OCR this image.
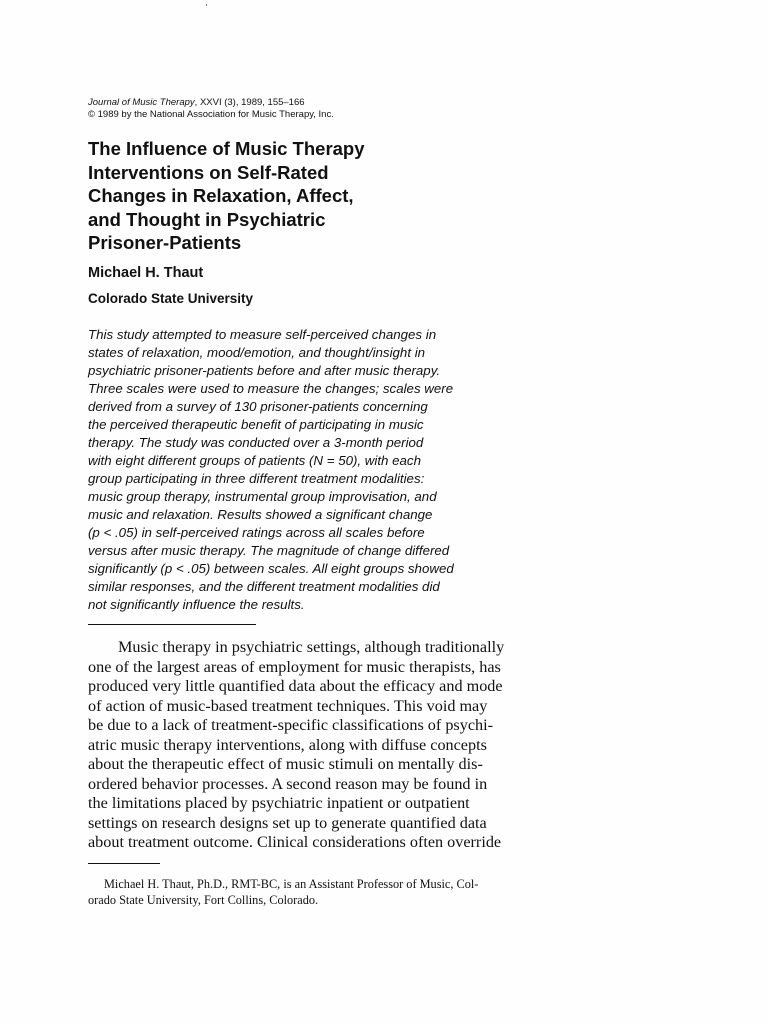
Journal of Music Therapy, XXVI (3), 1989, 155–166
© 1989 by the National Association for Music Therapy, Inc.
The Influence of Music Therapy
Interventions on Self-Rated
Changes in Relaxation, Affect,
and Thought in Psychiatric
Prisoner-Patients
Michael H. Thaut
Colorado State University
This study attempted to measure self-perceived changes in
states of relaxation, mood/emotion, and thought/insight in
psychiatric prisoner-patients before and after music therapy.
Three scales were used to measure the changes; scales were
derived from a survey of 130 prisoner-patients concerning
the perceived therapeutic benefit of participating in music
therapy. The study was conducted over a 3-month period
with eight different groups of patients (N = 50), with each
group participating in three different treatment modalities:
music group therapy, instrumental group improvisation, and
music and relaxation. Results showed a significant change
(p < .05) in self-perceived ratings across all scales before
versus after music therapy. The magnitude of change differed
significantly (p < .05) between scales. All eight groups showed
similar responses, and the different treatment modalities did
not significantly influence the results.
Music therapy in psychiatric settings, although traditionally
one of the largest areas of employment for music therapists, has
produced very little quantified data about the efficacy and mode
of action of music-based treatment techniques. This void may
be due to a lack of treatment-specific classifications of psychi-
atric music therapy interventions, along with diffuse concepts
about the therapeutic effect of music stimuli on mentally dis-
ordered behavior processes. A second reason may be found in
the limitations placed by psychiatric inpatient or outpatient
settings on research designs set up to generate quantified data
about treatment outcome. Clinical considerations often override
Michael H. Thaut, Ph.D., RMT-BC, is an Assistant Professor of Music, Col-
orado State University, Fort Collins, Colorado.
